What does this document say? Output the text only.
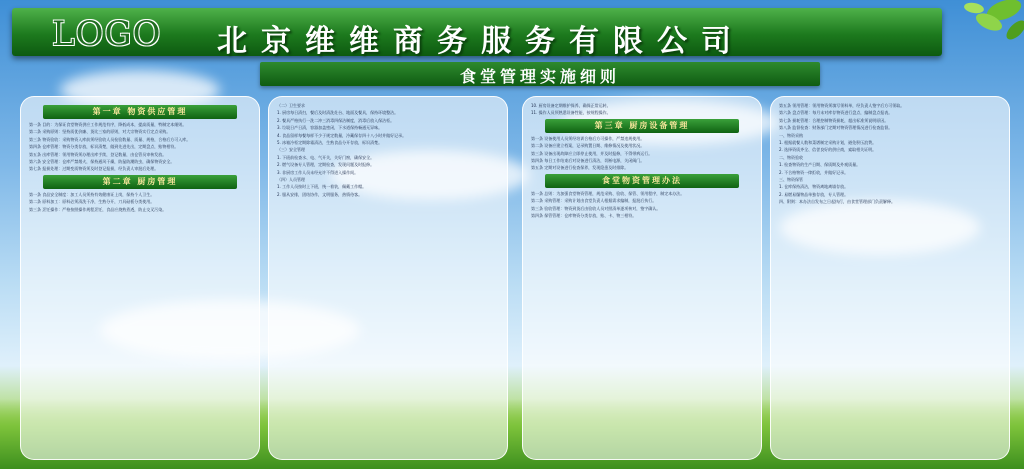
LOGO 北京维维商务服务有限公司
食堂管理实施细则
第一章 物资供应管理

第一条 目的：为保证食堂物资供应工作规范有序，降低成本，提高质量，特制定本细则。

第二条 采购原则：坚持质优价廉、货比三家的原则，对大宗物资实行定点采购。

第三条 物资验收：采购物资入库前须经验收人员检验数量、质量、规格，合格后方可入库。

第四条 仓库管理：物资分类存放，标识清楚，做到先进先出，定期盘点，账物相符。

第五条 出库管理：领用物资须办理出库手续，登记数量，由仓管员审核发放。

第六条 安全管理：仓库严禁烟火，保持通风干燥，防鼠防潮防虫，确保物资安全。

第七条 报损处理：过期变质物资须及时登记报损，经负责人审批后处理。

第二章 厨房管理

第一条 食品安全制度：加工人员须持有效健康证上岗，保持个人卫生。

第二条 原料加工：原料必须清洗干净，生熟分开，刀具砧板分类使用。

第三条 烹饪操作：严格按照操作规程烹饪，食品应烧熟煮透，防止交叉污染。

（二）卫生要求

1. 厨房每日清扫，餐后及时清洗灶台、地面及餐具，保持环境整洁。

2. 餐具严格执行一洗二冲三消毒四保洁制度，消毒后放入保洁柜。

3. 垃圾日产日清，容器加盖密闭，下水道保持畅通无异味。

4. 食品留样每餐每样不少于规定数量，冷藏保存四十八小时并做好记录。

5. 冰箱冷柜定期除霜清洁，生熟食品分开存放，标识清楚。

（三）安全管理

1. 下班前检查水、电、气开关，关好门窗，确保安全。

2. 燃气设备专人管理，定期检查，发现问题及时报修。

3. 非厨房工作人员未经允许不得进入操作间。

（四）人员管理

1. 工作人员按时上下班，统一着装，佩戴工作帽。

2. 服从安排，团结协作，文明服务，热情待客。

10. 厨房设备定期维护保养，确保正常运转。

11. 操作人员须熟悉设备性能，按规程操作。

第三章 厨房设备管理

第一条 设备使用人员须经培训合格后方可操作，严禁违规使用。

第二条 设备应建立档案，记录购置日期、维修情况及使用状况。

第三条 设备出现故障应立即停止使用，并及时报修，不得带病运行。

第四条 每日工作结束后对设备进行清洁，切断电源，关闭阀门。

第五条 定期对设备进行检查保养，发现隐患及时排除。

食堂物资管理办法

第一条 总则：为加强食堂物资管理，规范采购、验收、保管、领用程序，制定本办法。

第二条 采购管理：采购计划由食堂负责人根据需求编制，报批后执行。

第三条 验收管理：物资到货后由验收人员对照清单逐项核对，签字确认。

第四条 保管管理：仓库物资分类存放，账、卡、物三相符。

第五条 领用管理：领用物资须填写领料单，经负责人签字后方可领取。

第六条 盘点管理：每月末对库存物资进行盘点，编制盘点报表。

第七条 损耗管理：合理控制物资损耗，超出标准须说明原因。

第八条 监督检查：财务部门定期对物资管理情况进行检查监督。

一、物资采购

1. 根据就餐人数和菜谱制定采购计划，避免积压浪费。

2. 选择资质齐全、信誉良好的供应商，索取相关证明。

二、物资验收

1. 检查物资的生产日期、保质期及外观质量。

2. 不合格物资一律拒收，并做好记录。

三、物资保管

1. 仓库保持清洁，物资离地离墙存放。

2. 易燃易爆物品单独存放，专人管理。

四、附则：本办法自发布之日起执行，由食堂管理部门负责解释。
